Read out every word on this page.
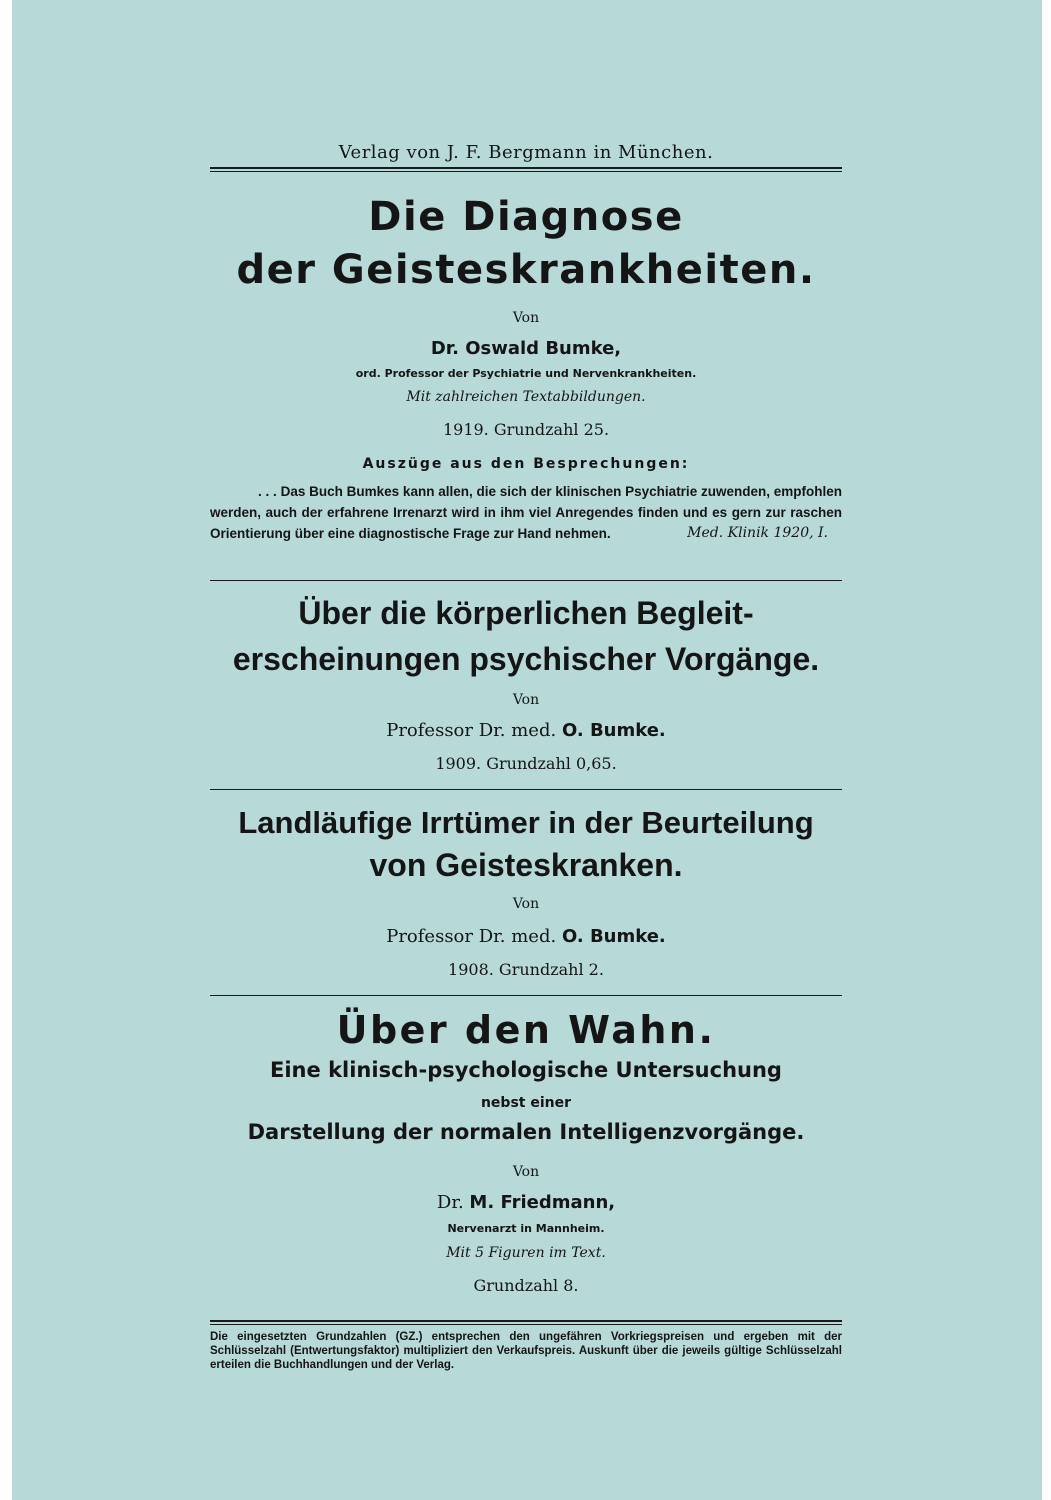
Verlag von J. F. Bergmann in München.
Die Diagnose
der Geisteskrankheiten.
Von
Dr. Oswald Bumke,
ord. Professor der Psychiatrie und Nervenkrankheiten.
Mit zahlreichen Textabbildungen.
1919. Grundzahl 25.
Auszüge aus den Besprechungen:
. . . Das Buch Bumkes kann allen, die sich der klinischen Psychiatrie zuwenden, empfohlen werden, auch der erfahrene Irrenarzt wird in ihm viel Anregendes finden und es gern zur raschen Orientierung über eine diagnostische Frage zur Hand nehmen.	Med. Klinik 1920, I.
Über die körperlichen Begleit-
erscheinungen psychischer Vorgänge.
Von
Professor Dr. med. O. Bumke.
1909. Grundzahl 0,65.
Landläufige Irrtümer in der Beurteilung
von Geisteskranken.
Von
Professor Dr. med. O. Bumke.
1908. Grundzahl 2.
Über den Wahn.
Eine klinisch-psychologische Untersuchung
nebst einer
Darstellung der normalen Intelligenzvorgänge.
Von
Dr. M. Friedmann,
Nervenarzt in Mannheim.
Mit 5 Figuren im Text.
Grundzahl 8.
Die eingesetzten Grundzahlen (GZ.) entsprechen den ungefähren Vorkriegspreisen und ergeben mit der Schlüsselzahl (Entwertungsfaktor) multipliziert den Verkaufspreis. Auskunft über die jeweils gültige Schlüsselzahl erteilen die Buchhandlungen und der Verlag.
